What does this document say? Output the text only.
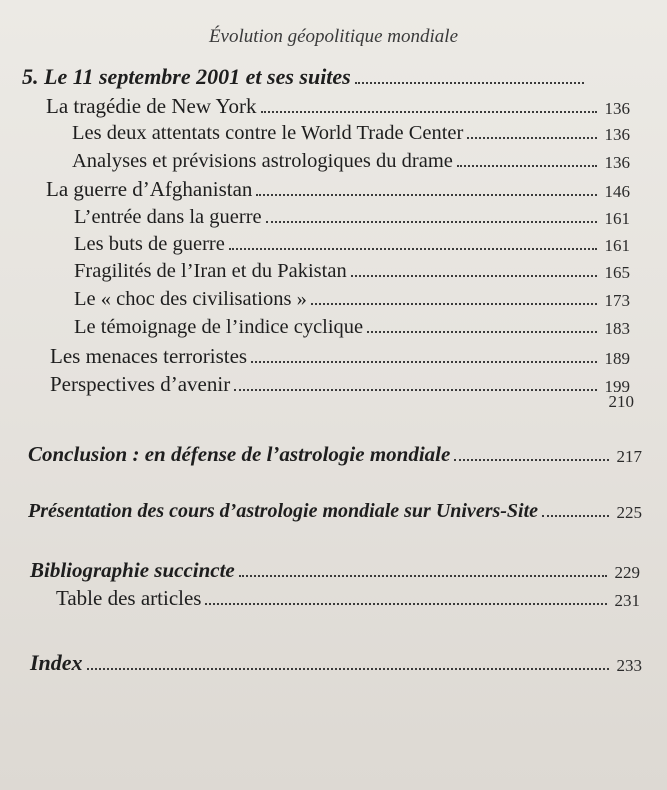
Évolution géopolitique mondiale
5. Le 11 septembre 2001 et ses suites
La tragédie de New York	136
Les deux attentats contre le World Trade Center	136
Analyses et prévisions astrologiques du drame	136
La guerre d’Afghanistan	146
L’entrée dans la guerre	161
Les buts de guerre	161
Fragilités de l’Iran et du Pakistan	165
Le « choc des civilisations »	173
Le témoignage de l’indice cyclique	183
Les menaces terroristes	189
Perspectives d’avenir	199
210
Conclusion : en défense de l’astrologie mondiale	217
Présentation des cours d’astrologie mondiale sur Univers-Site	225
Bibliographie succincte	229
Table des articles	231
Index	233
